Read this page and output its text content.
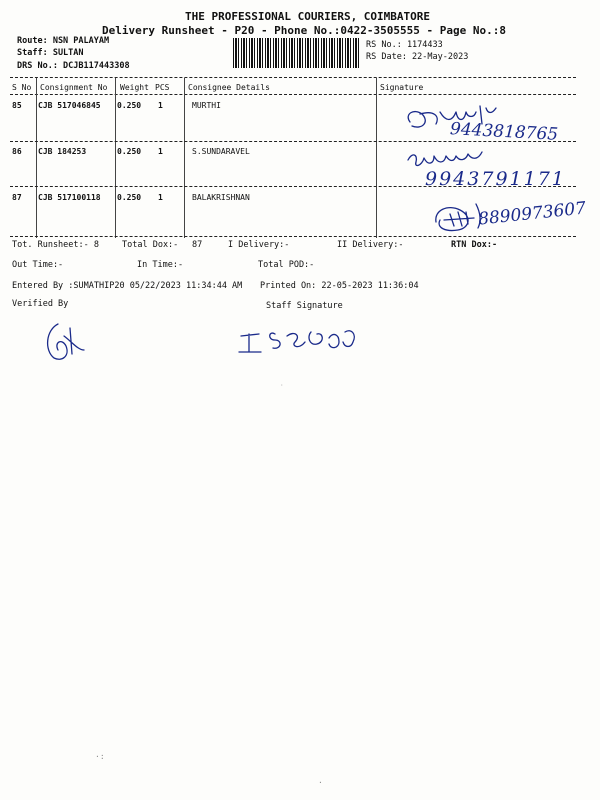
THE PROFESSIONAL COURIERS, COIMBATORE
Delivery Runsheet - P20 - Phone No.:0422-3505555 - Page No.:8
Route: NSN PALAYAM
Staff: SULTAN
DRS No.: DCJB117443308
RS No.: 1174433
RS Date: 22-May-2023
S No Consignment No Weight PCS Consignee Details	Signature
85 CJB 517046845 0.250 1	MURTHI
86 CJB 184253	0.250 1	S.SUNDARAVEL
87 CJB 517100118 0.250 1	BALAKRISHNAN
9443818765
9943791171
8890973607
Tot. Runsheet:- 8	Total Dox:- 87	I Delivery:-	II Delivery:-	RTN Dox:-
Out Time:-	In Time:-	Total POD:-
Entered By :SUMATHIP20 05/22/2023 11:34:44 AM Printed On: 22-05-2023 11:36:04
Verified By	Staff Signature
·
·:
·
